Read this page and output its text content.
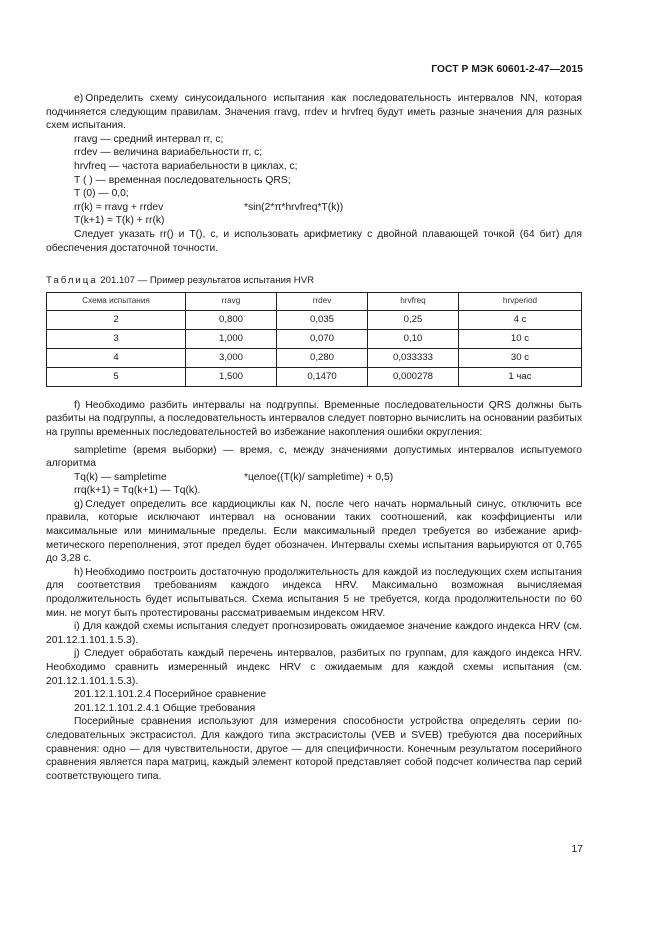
ГОСТ Р МЭК 60601-2-47—2015

e) Определить схему синусоидального испытания как последовательность интервалов NN, которая подчиняется следующим правилам. Значения rravg, rrdev и hrvfreq будут иметь разные значения для разных схем испытания.

rravg — средний интервал rr, с;

rrdev — величина вариабельности rr, с;

hrvfreq — частота вариабельности в циклах, с;

T ( ) — временная последовательность QRS;

T (0) — 0,0;

rr(k) = rravg + rrdev	*sin(2*π*hrvfreq*T(k))

T(k+1) = T(k) + rr(k)

Следует указать rr() и T(), с, и использовать арифметику с двойной плавающей точкой (64 бит) для обеспечения достаточной точности.

Таблица 201.107 — Пример результатов испытания HVR
Схема испытания	rravg	rrdev	hrvfreq	hrvperiod
2	0,800	0,035	0,25	4 с
3	1,000	0,070	0,10	10 с
4	3,000	0,280	0,033333	30 с
5	1,500	0,1470	0,000278	1 час

f) Необходимо разбить интервалы на подгруппы. Временные последовательности QRS должны быть разбиты на подгруппы, а последовательность интервалов следует повторно вычислить на основании разбитых на группы временных последовательностей во избежание накопления ошибки округления:

sampletime (время выборки) — время, с, между значениями допустимых интервалов испытуемого алгоритма

Tq(k) — sampletime	*целое((T(k)/ sampletime) + 0,5)

rrq(k+1) = Tq(k+1) — Tq(k).

g) Следует определить все кардиоциклы как N, после чего начать нормальный синус, отключить все правила, которые исключают интервал на основании таких соотношений, как коэффициенты или максимальные или минимальные пределы. Если максимальный предел требуется во избежание арифметического переполнения, этот предел будет обозначен. Интервалы схемы испытания варьируются от 0,765 до 3,28 с.

h) Необходимо построить достаточную продолжительность для каждой из последующих схем испытания для соответствия требованиям каждого индекса HRV. Максимально возможная вычисляемая продолжительность будет испытываться. Схема испытания 5 не требуется, когда продолжительности по 60 мин. не могут быть протестированы рассматриваемым индексом HRV.

i) Для каждой схемы испытания следует прогнозировать ожидаемое значение каждого индекса HRV (см. 201.12.1.101.1.5.3).

j) Следует обработать каждый перечень интервалов, разбитых по группам, для каждого индекса HRV. Необходимо сравнить измеренный индекс HRV с ожидаемым для каждой схемы испытания (см. 201.12.1.101.1.5.3).

201.12.1.101.2.4 Посерийное сравнение

201.12.1.101.2.4.1 Общие требования

Посерийные сравнения используют для измерения способности устройства определять серии последовательных экстрасистол. Для каждого типа экстрасистолы (VEB и SVEB) требуются два посерийных сравнения: одно — для чувствительности, другое — для специфичности. Конечным результатом посерийного сравнения является пара матриц, каждый элемент которой представляет собой подсчет количества пар серий соответствующего типа.

17
